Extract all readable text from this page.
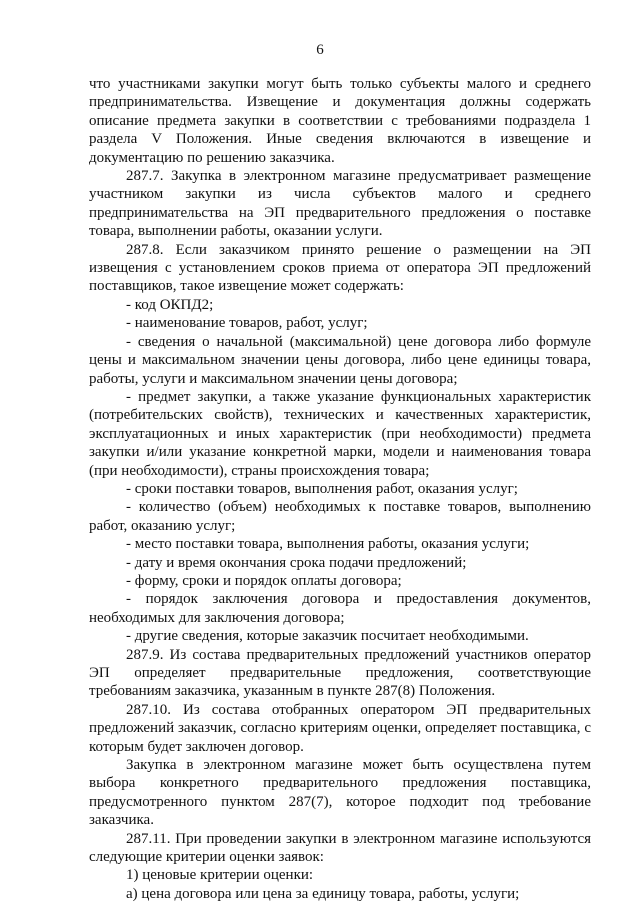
6

что участниками закупки могут быть только субъекты малого и среднего предпринимательства. Извещение и документация должны содержать описание предмета закупки в соответствии с требованиями подраздела 1 раздела V Положения. Иные сведения включаются в извещение и документацию по решению заказчика.

287.7. Закупка в электронном магазине предусматривает размещение участником закупки из числа субъектов малого и среднего предпринимательства на ЭП предварительного предложения о поставке товара, выполнении работы, оказании услуги.

287.8. Если заказчиком принято решение о размещении на ЭП извещения с установлением сроков приема от оператора ЭП предложений поставщиков, такое извещение может содержать:

- код ОКПД2;

- наименование товаров, работ, услуг;

- сведения о начальной (максимальной) цене договора либо формуле цены и максимальном значении цены договора, либо цене единицы товара, работы, услуги и максимальном значении цены договора;

- предмет закупки, а также указание функциональных характеристик (потребительских свойств), технических и качественных характеристик, эксплуатационных и иных характеристик (при необходимости) предмета закупки и/или указание конкретной марки, модели и наименования товара (при необходимости), страны происхождения товара;

- сроки поставки товаров, выполнения работ, оказания услуг;

- количество (объем) необходимых к поставке товаров, выполнению работ, оказанию услуг;

- место поставки товара, выполнения работы, оказания услуги;

- дату и время окончания срока подачи предложений;

- форму, сроки и порядок оплаты договора;

- порядок заключения договора и предоставления документов, необходимых для заключения договора;

- другие сведения, которые заказчик посчитает необходимыми.

287.9. Из состава предварительных предложений участников оператор ЭП определяет предварительные предложения, соответствующие требованиям заказчика, указанным в пункте 287(8) Положения.

287.10. Из состава отобранных оператором ЭП предварительных предложений заказчик, согласно критериям оценки, определяет поставщика, с которым будет заключен договор.

Закупка в электронном магазине может быть осуществлена путем выбора конкретного предварительного предложения поставщика, предусмотренного пунктом 287(7), которое подходит под требование заказчика.

287.11. При проведении закупки в электронном магазине используются следующие критерии оценки заявок:

1) ценовые критерии оценки:

а) цена договора или цена за единицу товара, работы, услуги;
